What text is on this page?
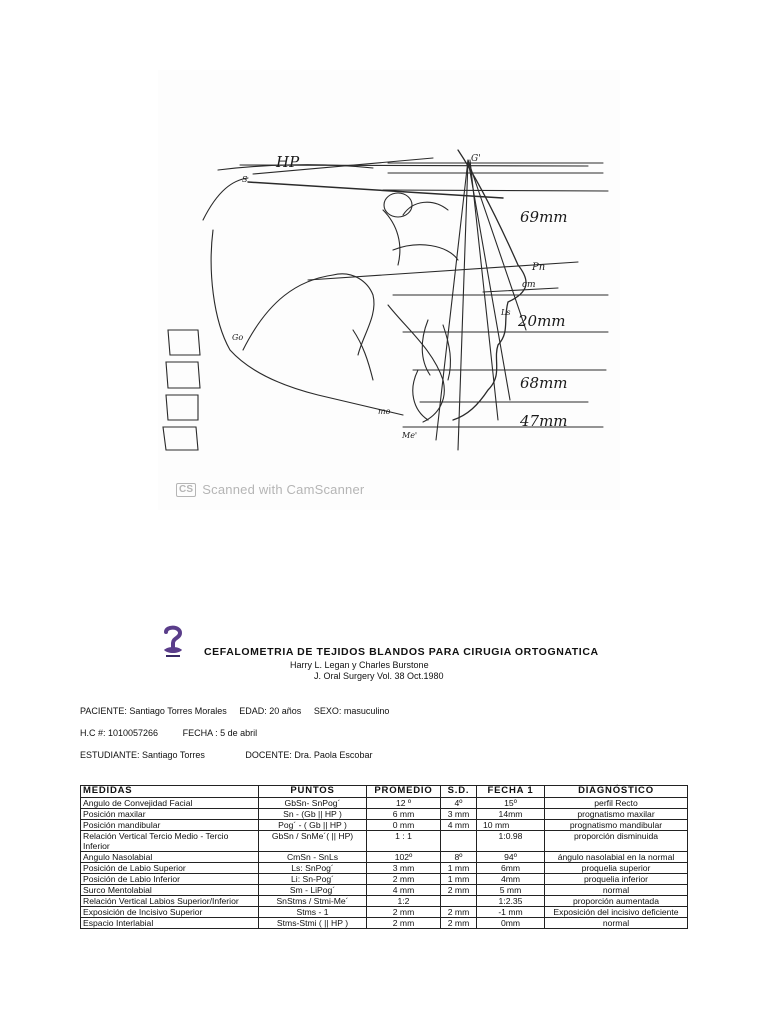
HP
S
G'
Pn
cm
Ls
Go
mo
Me'
69mm
20mm
68mm
47mm
CS Scanned with CamScanner
CEFALOMETRIA DE TEJIDOS BLANDOS PARA CIRUGIA ORTOGNATICA
Harry L. Legan y Charles Burstone
J. Oral Surgery Vol. 38 Oct.1980
PACIENTE: Santiago Torres Morales EDAD: 20 años SEXO: masuculino
H.C #: 1010057266	FECHA : 5 de abril
ESTUDIANTE: Santiago Torres	DOCENTE: Dra. Paola Escobar
MEDIDAS	PUNTOS	PROMEDIO	S.D.	FECHA 1	DIAGNÓSTICO
Angulo de Convejidad Facial	GbSn- SnPog´	12 º	4º	15º	perfil Recto
Posición maxilar	Sn - (Gb || HP )	6 mm	3 mm	14mm	prognatismo maxilar
Posición mandibular	Pog´ - ( Gb || HP )	0 mm	4 mm	10 mm	prognatismo mandibular
Relación Vertical Tercio Medio - Tercio Inferior	GbSn / SnMe´( || HP)	1 : 1		1:0.98	proporción disminuida
Angulo Nasolabial	CmSn - SnLs	102º	8º	94º	ángulo nasolabial en la normal
Posición de Labio Superior	Ls: SnPog´	3 mm	1 mm	6mm	proquelia superior
Posición de Labio Inferior	Li: Sn-Pog´	2 mm	1 mm	4mm	proquelia inferior
Surco Mentolabial	Sm - LiPog´	4 mm	2 mm	5 mm	normal
Relación Vertical Labios Superior/Inferior	SnStms / Stmi-Me´	1:2		1:2.35	proporción aumentada
Exposición de Incisivo Superior	Stms - 1	2 mm	2 mm	-1 mm	Exposición del incisivo deficiente
Espacio Interlabial	Stms-Stmi ( || HP )	2 mm	2 mm	0mm	normal
